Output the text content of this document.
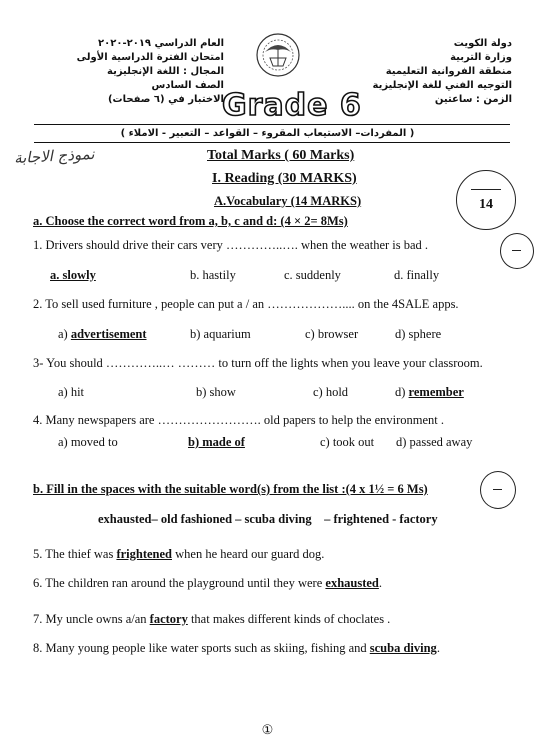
العام الدراسي ٢٠١٩-٢٠٢٠
امتحان الفترة الدراسية الأولى
المجال : اللغة الإنجليزية
الصف السادس
الاختبار في (٦ صفحات)
دولة الكويت
وزارة التربية
منطقة الفروانية التعليمية
التوجيه الفني للغة الإنجليزية
الزمن : ساعتين
Grade 6
( المفردات– الاستيعاب المقروء – القواعد – التعبير - الاملاء )
نموذج الاجابة	Total Marks ( 60 Marks)
I. Reading (30 MARKS)
A.Vocabulary (14 MARKS)	14
a. Choose the correct word from a, b, c and d: (4 × 2= 8Ms)
1. Drivers should drive their cars very …………..…. when the weather is bad .
a. slowly	b. hastily	c. suddenly	d. finally
2. To sell used furniture , people can put a / an ……………….... on the 4SALE apps.
a) advertisement	b) aquarium	c) browser	d) sphere
3- You should …………..… ……… to turn off the lights when you leave your classroom.
a) hit	b) show	c) hold	d) remember
4. Many newspapers are ……………………. old papers to help the environment .
a) moved to	b) made of	c) took out d) passed away
b. Fill in the spaces with the suitable word(s) from the list :(4 x 1½ = 6 Ms)
exhausted– old fashioned – scuba diving    – frightened - factory
5. The thief was frightened when he heard our guard dog.
6. The children ran around the playground until they were exhausted.
7. My uncle owns a/an factory that makes different kinds of choclates .
8. Many young people like water sports such as skiing, fishing and scuba diving.
①
